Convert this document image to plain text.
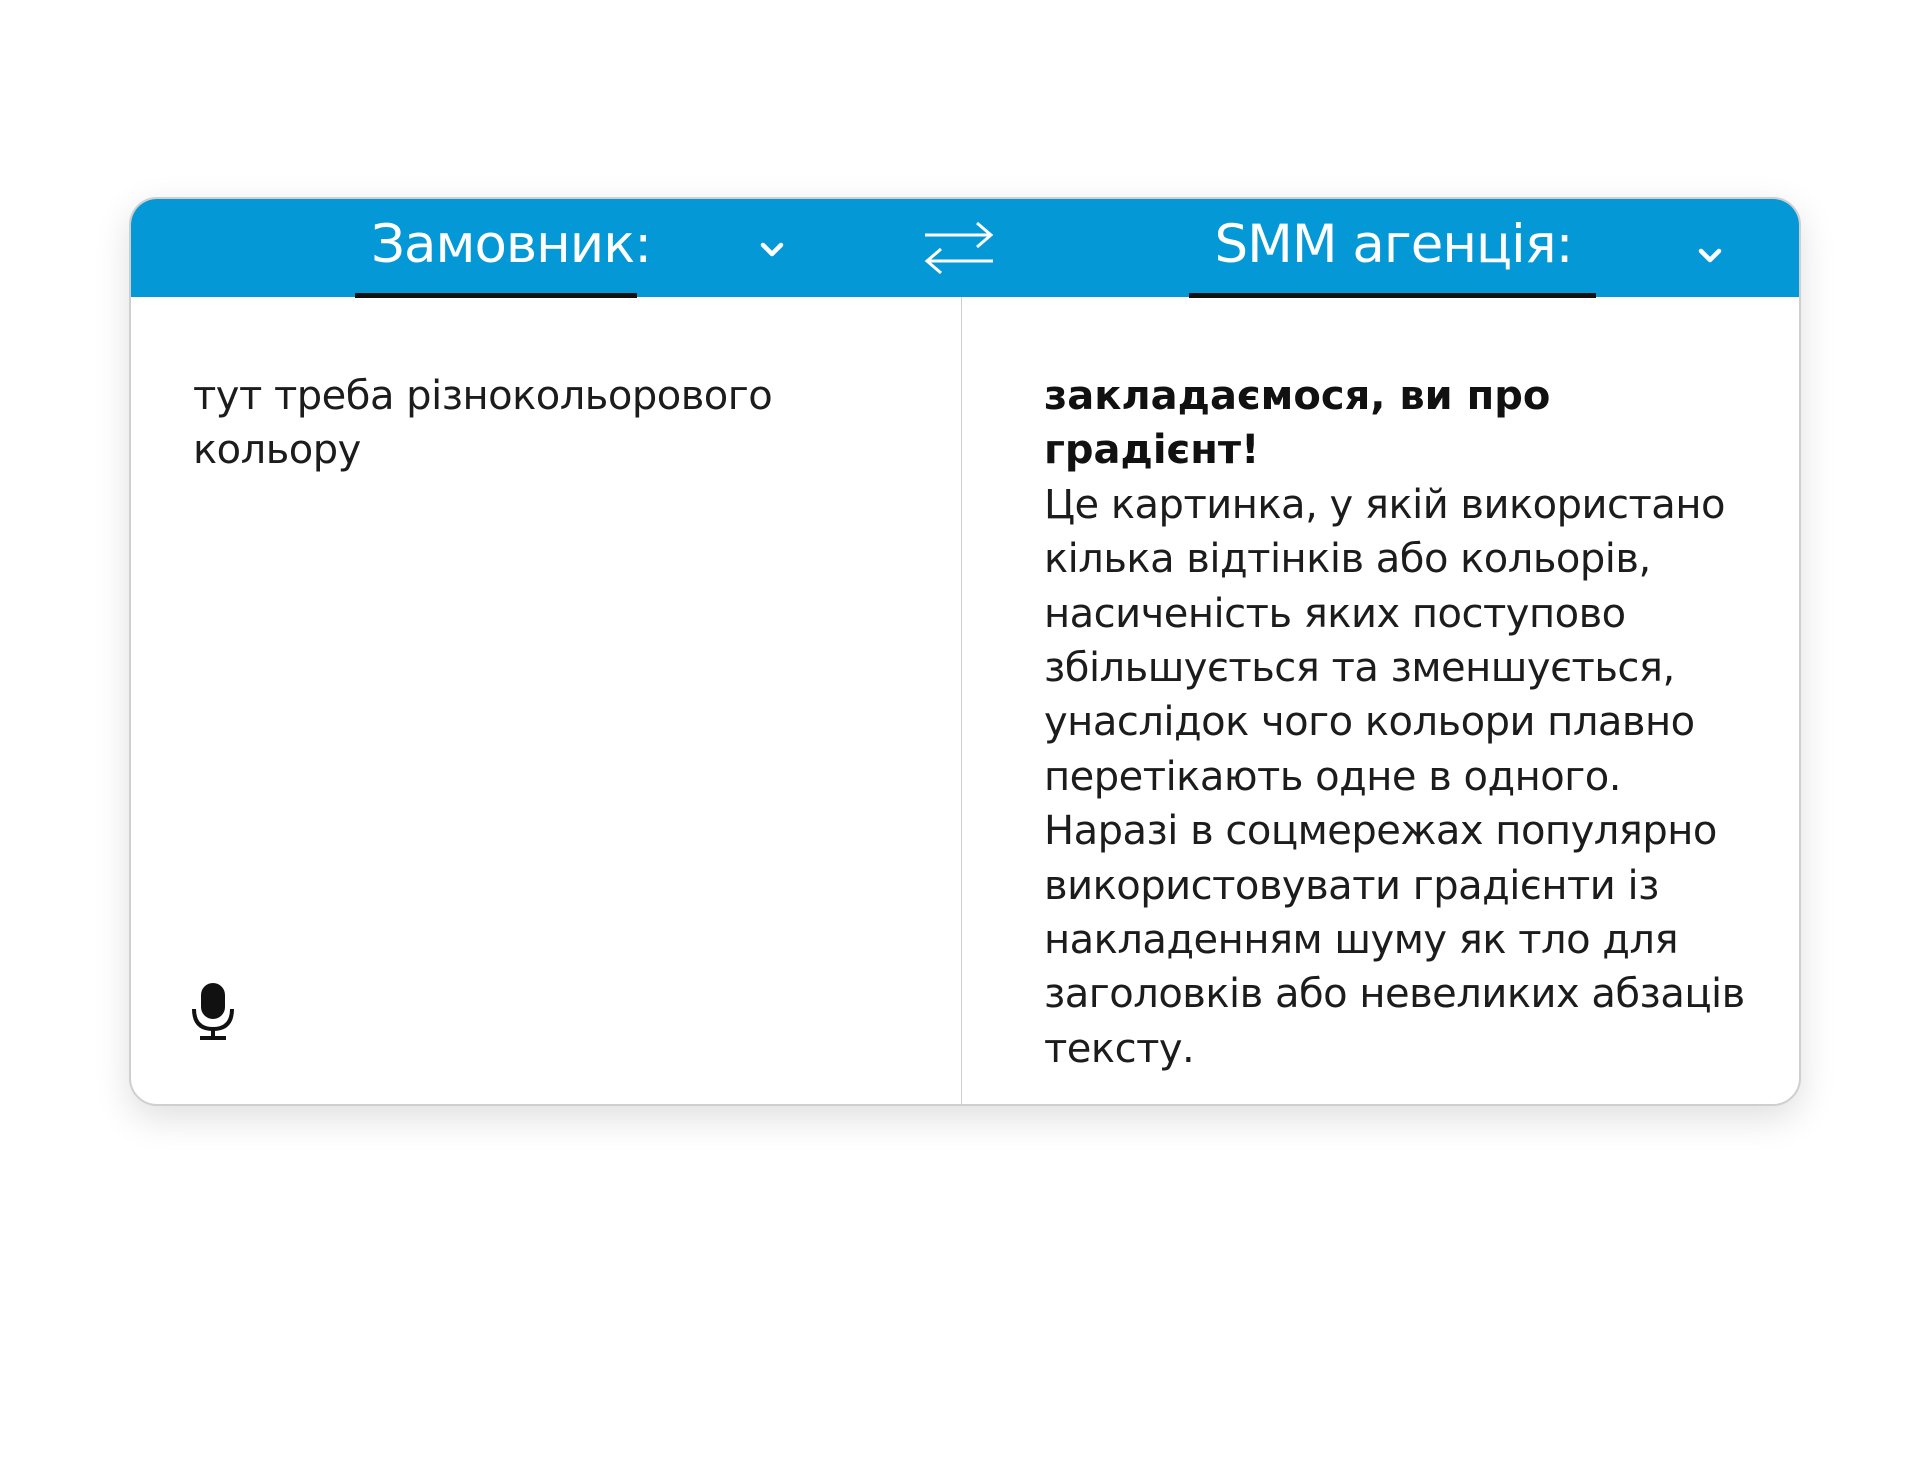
Замовник:	SMM агенція:
тут треба різнокольорового кольору
закладаємося, ви про градієнт!
Це картинка, у якій використано кілька відтінків або кольорів, насиченість яких поступово збільшується та зменшується, унаслідок чого кольори плавно перетікають одне в одного. Наразі в соцмережах популярно використовувати градієнти із накладенням шуму як тло для заголовків або невеликих абзаців тексту.
